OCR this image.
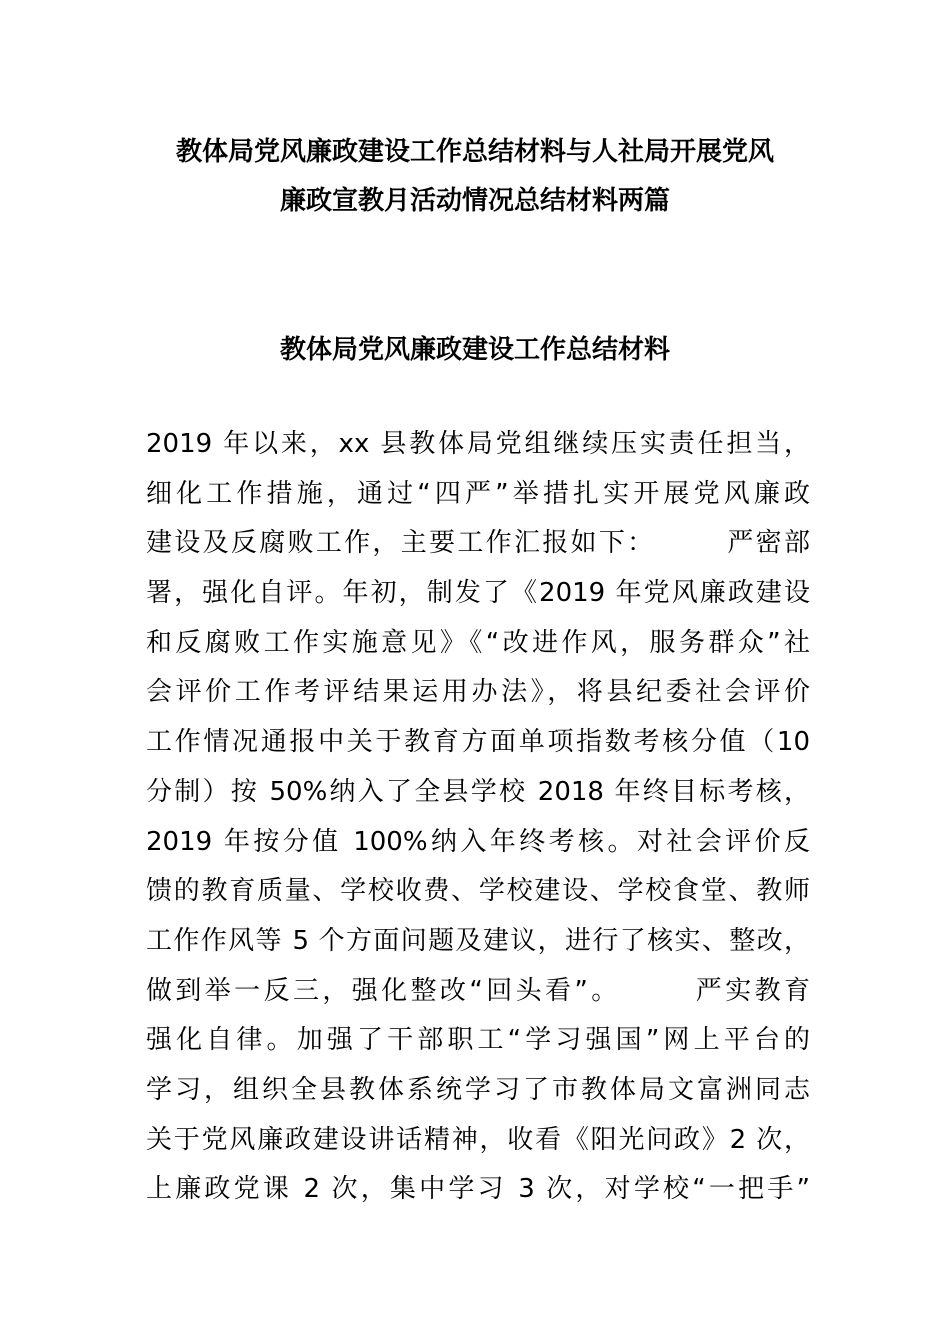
教体局党风廉政建设工作总结材料与人社局开展党风
廉政宣教月活动情况总结材料两篇
教体局党风廉政建设工作总结材料
2019 年以来，xx 县教体局党组继续压实责任担当，
细化工作措施，通过“四严”举措扎实开展党风廉政
建设及反腐败工作，主要工作汇报如下：　　　严密部
署，强化自评。年初，制发了《2019 年党风廉政建设
和反腐败工作实施意见》《“改进作风，服务群众”社
会评价工作考评结果运用办法》，将县纪委社会评价
工作情况通报中关于教育方面单项指数考核分值（10
分制）按 50%纳入了全县学校 2018 年终目标考核，
2019 年按分值 100%纳入年终考核。对社会评价反
馈的教育质量、学校收费、学校建设、学校食堂、教师
工作作风等 5 个方面问题及建议，进行了核实、整改，
做到举一反三，强化整改“回头看”。　　　严实教育
强化自律。加强了干部职工“学习强国”网上平台的
学习，组织全县教体系统学习了市教体局文富洲同志
关于党风廉政建设讲话精神，收看《阳光问政》2 次，
上廉政党课 2 次，集中学习 3 次，对学校“一把手”
